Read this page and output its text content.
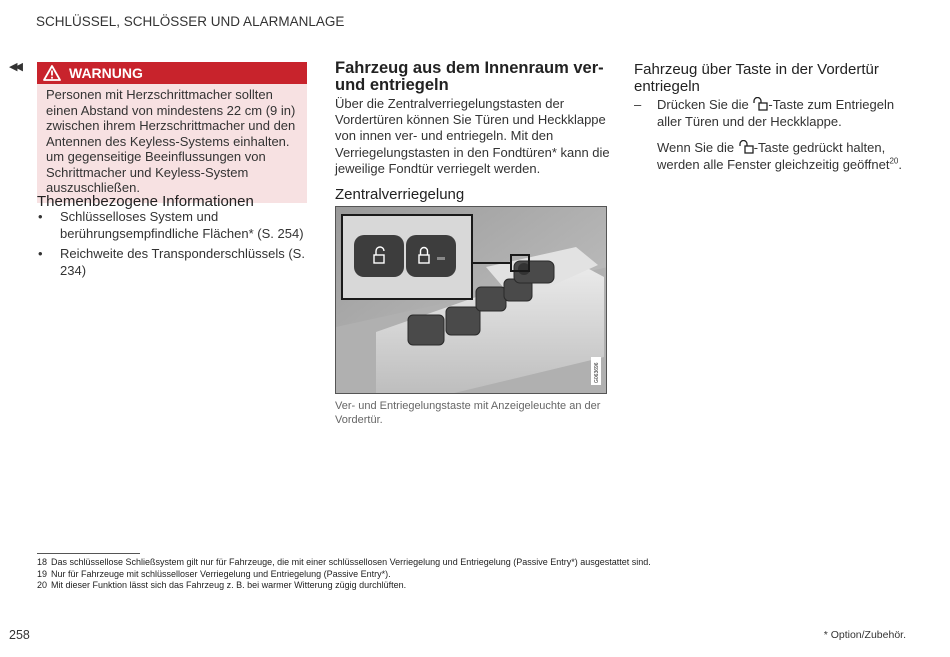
SCHLÜSSEL, SCHLÖSSER UND ALARMANLAGE
◀◀	WARNUNG
Personen mit Herzschrittmacher sollten einen Abstand von mindestens 22 cm (9 in) zwischen ihrem Herzschrittmacher und den Antennen des Keyless-Systems einhalten. um gegenseitige Beeinflussungen von Schrittmacher und Keyless-System auszuschließen.
Themenbezogene Informationen
• Schlüsselloses System und berührungsempfindliche Flächen* (S. 254)
• Reichweite des Transponderschlüssels (S. 234)
Fahrzeug aus dem Innenraum ver- und entriegeln
Über die Zentralverriegelungstasten der Vordertüren können Sie Türen und Heckklappe von innen ver- und entriegeln. Mit den Verriegelungstasten in den Fondtüren* kann die jeweilige Fondtür verriegelt werden.
Zentralverriegelung
G063696
Ver- und Entriegelungstaste mit Anzeigeleuchte an der Vordertür.
Fahrzeug über Taste in der Vordertür entriegeln
– Drücken Sie die -Taste zum Entriegeln aller Türen und der Heckklappe.
Wenn Sie die -Taste gedrückt halten, werden alle Fenster gleichzeitig geöffnet$^{20}$.
18 Das schlüssellose Schließsystem gilt nur für Fahrzeuge, die mit einer schlüssellosen Verriegelung und Entriegelung (Passive Entry*) ausgestattet sind.
19 Nur für Fahrzeuge mit schlüsselloser Verriegelung und Entriegelung (Passive Entry*).
20 Mit dieser Funktion lässt sich das Fahrzeug z. B. bei warmer Witterung zügig durchlüften.
258	* Option/Zubehör.
